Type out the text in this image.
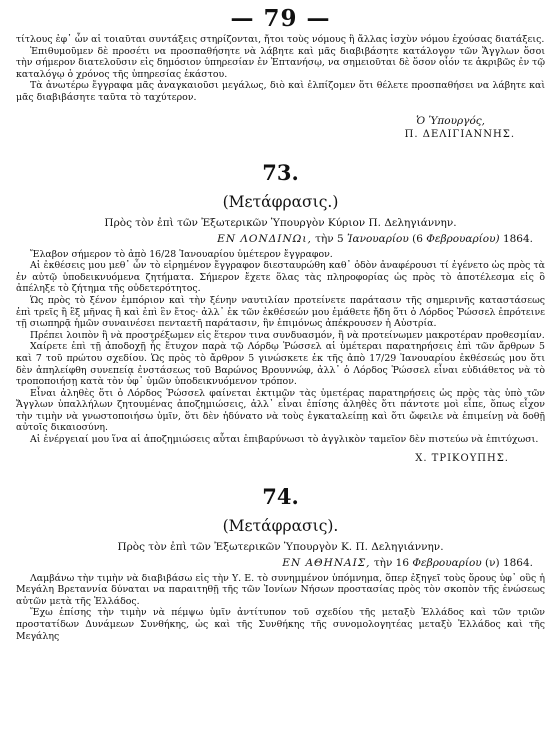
— 79 —

τίτλους ἐφ᾽ ὧν αἱ τοιαῦται συντάξεις στηρίζονται, ἤτοι τοὺς νόμους ἢ ἄλλας ἰσχὺν νόμου ἐχούσας διατάξεις.

Ἐπιθυμοῦμεν δὲ προσέτι να προσπαθήσητε νὰ λάβητε καὶ μᾶς διαβιβάσητε κατάλογον τῶν Ἄγγλων ὅσοι τὴν σήμερον διατελοῦσιν εἰς δημόσιον ὑπηρεσίαν ἐν Ἑπτανήσῳ, να σημειοῦται δὲ ὅσον οἷόν τε ἀκριβῶς ἐν τῷ καταλόγῳ ὁ χρόνος τῆς ὑπηρεσίας ἑκάστου.

Τὰ ἀνωτέρω ἔγγραφα μᾶς ἀναγκαιοῦσι μεγάλως, διὸ καὶ ἐλπίζομεν ὅτι θέλετε προσπαθήσει να λάβητε καὶ μᾶς διαβιβάσητε ταῦτα τὸ ταχύτερον.

Ὁ Ὑπουργός,
Π. ΔΕΛΙΓΙΑΝΝΗΣ.
73.
(Μετάφρασις.)
Πρὸς τὸν ἐπὶ τῶν Ἐξωτερικῶν Ὑπουργὸν Κύριον Π. Δεληγιάννην.
ΕΝ ΛΟΝΔΙΝΩι, τὴν 5 Ἰανουαρίου (6 Φεβρουαρίου) 1864.

Ἔλαβον σήμερον τὸ ἀπὸ 16/28 Ἰανουαρίου ὑμέτερον ἔγγραφον.

Αἱ ἐκθέσεις μου μεθ᾽ ὧν τὸ εἰρημένον ἔγγραφον διεσταυρώθη καθ᾽ ὁδὸν ἀναφέρουσι τί ἐγένετο ὡς πρὸς τὰ ἐν αὐτῷ ὑποδεικνυόμενα ζητήματα. Σήμερον ἔχετε ὅλας τὰς πληροφορίας ὡς πρὸς τὸ ἀποτέλεσμα εἰς ὃ ἀπέληξε τὸ ζήτημα τῆς οὐδετερότητος.

Ὡς πρὸς τὸ ξένον ἐμπόριον καὶ τὴν ξένην ναυτιλίαν προτείνετε παράτασιν τῆς σημερινῆς καταστάσεως ἐπὶ τρεῖς ἢ ἓξ μῆνας ἢ καὶ ἐπὶ ἓν ἔτος· ἀλλ᾽ ἐκ τῶν ἐκθέσεών μου ἐμάθετε ἤδη ὅτι ὁ Λόρδος Ῥώσσελ ἐπρότεινε τῇ σιωπηρᾷ ἡμῶν συναινέσει πενταετῆ παράτασιν, ἣν ἐπιμόνως ἀπέκρουσεν ἡ Αὐστρία.

Πρέπει λοιπὸν ἢ νὰ προστρέξωμεν εἰς ἕτερον τινα συνδυασμόν, ἢ νὰ προτείνωμεν μακροτέραν προθεσμίαν.

Χαίρετε ἐπὶ τῇ ἀποδοχῇ ἧς ἔτυχον παρὰ τῷ Λόρδῳ Ῥώσσελ αἱ ὑμέτεραι παρατηρήσεις ἐπὶ τῶν ἄρθρων 5 καὶ 7 τοῦ πρώτου σχεδίου. Ὡς πρὸς τὸ ἄρθρον 5 γινώσκετε ἐκ τῆς ἀπὸ 17/29 Ἰανουαρίου ἐκθέσεώς μου ὅτι δὲν ἀπηλείφθη συνεπείᾳ ἐνστάσεως τοῦ Βαρώνος Βρουννώφ, ἀλλ᾽ ὁ Λόρδος Ῥώσσελ εἶναι εὐδιάθετος νὰ τὸ τροποποιήσῃ κατὰ τὸν ὑφ᾽ ὑμῶν ὑποδεικνυόμενον τρόπον.

Εἶναι ἀληθὲς ὅτι ὁ Λόρδος Ῥώσσελ φαίνεται ἐκτιμῶν τὰς ὑμετέρας παρατηρήσεις ὡς πρὸς τὰς ὑπὸ τῶν Ἄγγλων ὑπαλλήλων ζητουμένας ἀποζημιώσεις, ἀλλ᾽ εἶναι ἐπίσης ἀληθὲς ὅτι πάντοτε μοὶ εἶπε, ὅπως εἶχον τὴν τιμὴν νὰ γνωστοποιήσω ὑμῖν, ὅτι δὲν ἠδύνατο νὰ τοὺς ἐγκαταλείπῃ καὶ ὅτι ὤφειλε νὰ ἐπιμείνῃ νὰ δοθῇ αὐτοῖς δικαιοσύνη.

Αἱ ἐνέργειαί μου ἵνα αἱ ἀποζημιώσεις αὗται ἐπιβαρύνωσι τὸ ἀγγλικὸν ταμεῖον δὲν πιστεύω νὰ ἐπιτύχωσι.

Χ. ΤΡΙΚΟΥΠΗΣ.
74.
(Μετάφρασις).
Πρὸς τὸν ἐπὶ τῶν Ἐξωτερικῶν Ὑπουργὸν Κ. Π. Δεληγιάννην.
ΕΝ ΑΘΗΝΑΙΣ, τὴν 16 Φεβρουαρίου (ν) 1864.

Λαμβάνω τὴν τιμὴν νὰ διαβιβάσω εἰς τὴν Υ. Ε. τὸ συνημμένον ὑπόμνημα, ὅπερ ἐξηγεῖ τοὺς ὅρους ὑφ᾽ οὓς ἡ Μεγάλη Βρεταννία δύναται να παραιτηθῇ τῆς τῶν Ἰονίων Νήσων προστασίας πρὸς τὸν σκοπὸν τῆς ἑνώσεως αὐτῶν μετὰ τῆς Ἑλλάδος.

Ἔχω ἐπίσης τὴν τιμὴν νὰ πέμψω ὑμῖν ἀντίτυπον τοῦ σχεδίου τῆς μεταξὺ Ἑλλάδος καὶ τῶν τριῶν προστατίδων Δυνάμεων Συνθήκης, ὡς καὶ τῆς Συνθήκης τῆς συνομολογητέας μεταξὺ Ἑλλάδος καὶ τῆς Μεγάλης
